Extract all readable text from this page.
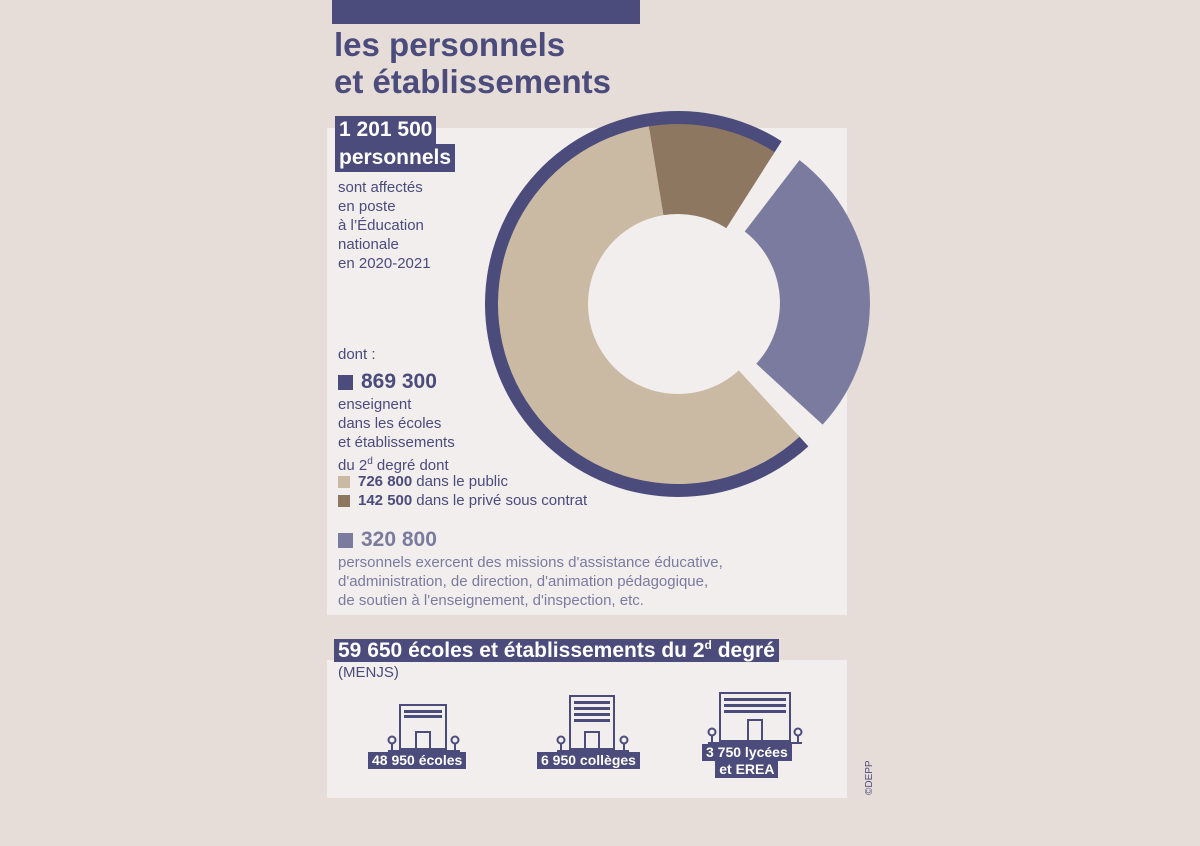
les personnels
et établissements
1 201 500
personnels
sont affectés
en poste
à l’Éducation
nationale
en 2020-2021
dont :
869 300
enseignent
dans les écoles
et établissements
du 2$^d$ degré dont
726 800 dans le public
142 500 dans le privé sous contrat
320 800
personnels exercent des missions d'assistance éducative,
d'administration, de direction, d'animation pédagogique,
de soutien à l'enseignement, d'inspection, etc.
59 650 écoles et établissements du 2$^d$ degré
(MENJS)
48 950 écoles	6 950 collèges	3 750 lycées
et EREA	©DEPP
